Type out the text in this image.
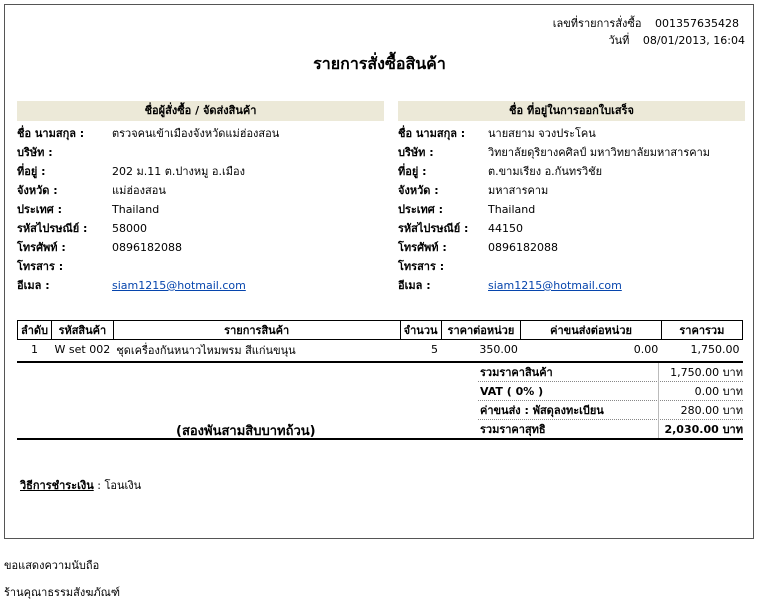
เลขที่รายการสั่งซื้อ 001357635428
วันที่ 08/01/2013, 16:04
รายการสั่งซื้อสินค้า
ชื่อผู้สั่งซื้อ / จัดส่งสินค้า
ชื่อ นามสกุล :	ตรวจคนเข้าเมืองจังหวัดแม่ฮ่องสอน
บริษัท :
ที่อยู่ :	202 ม.11 ต.ปางหมู อ.เมือง
จังหวัด :	แม่ฮ่องสอน
ประเทศ :	Thailand
รหัสไปรษณีย์ : 58000
โทรศัพท์ :	0896182088
โทรสาร :
อีเมล :	siam1215@hotmail.com
ชื่อ ที่อยู่ในการออกใบเสร็จ
ชื่อ นามสกุล : นายสยาม จวงประโคน
บริษัท :	วิทยาลัยดุริยางคศิลป์ มหาวิทยาลัยมหาสารคาม
ที่อยู่ :	ต.ขามเรียง อ.กันทรวิชัย
จังหวัด :	มหาสารคาม
ประเทศ :	Thailand
รหัสไปรษณีย์ : 44150
โทรศัพท์ :	0896182088
โทรสาร :
อีเมล :	siam1215@hotmail.com
ลำดับ	รหัสสินค้า	รายการสินค้า	จำนวน	ราคาต่อหน่วย	ค่าขนส่งต่อหน่วย	ราคารวม
1	W set 002	ชุดเครื่องกันหนาวไหมพรม สีแก่นขนุน	5	350.00	0.00	1,750.00
รวมราคาสินค้า	1,750.00 บาท
VAT ( 0% )	0.00 บาท
ค่าขนส่ง : พัสดุลงทะเบียน	280.00 บาท
รวมราคาสุทธิ	2,030.00 บาท
(สองพันสามสิบบาทถ้วน)
วิธีการชำระเงิน : โอนเงิน
ขอแสดงความนับถือ
ร้านคุณาธรรมสังฆภัณฑ์
